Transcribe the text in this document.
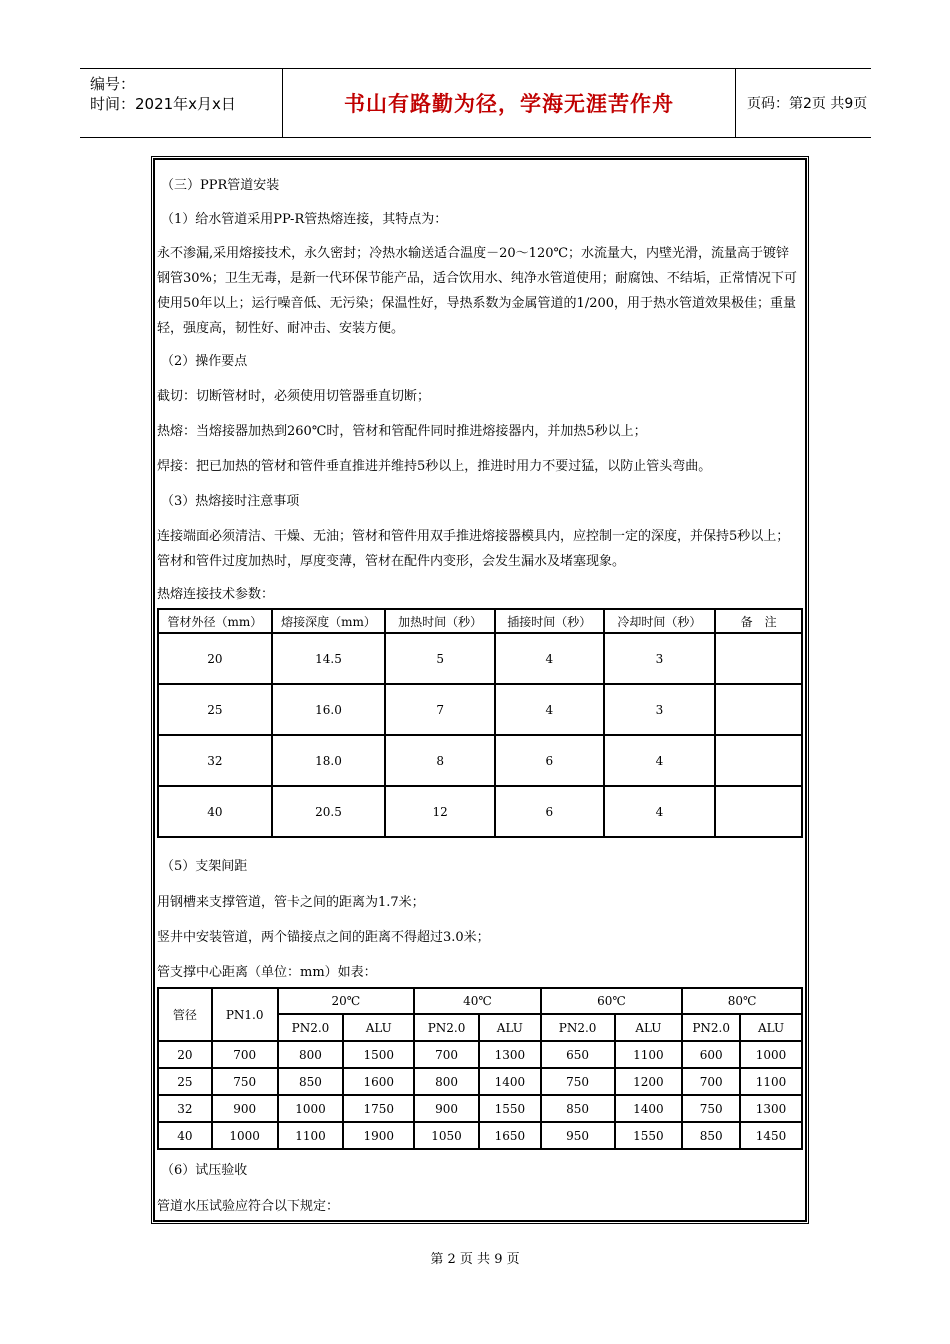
编号：
时间：2021年x月x日	书山有路勤为径，学海无涯苦作舟	页码：第2页 共9页
（三）PPR管道安装
（1）给水管道采用PP-R管热熔连接，其特点为：
永不渗漏,采用熔接技术，永久密封；冷热水输送适合温度－20～120℃；水流量大，内壁光滑，流量高于镀锌钢管30%；卫生无毒，是新一代环保节能产品，适合饮用水、纯净水管道使用；耐腐蚀、不结垢，正常情况下可使用50年以上；运行噪音低、无污染；保温性好，导热系数为金属管道的1/200，用于热水管道效果极佳；重量轻，强度高，韧性好、耐冲击、安装方便。
（2）操作要点
截切：切断管材时，必须使用切管器垂直切断；
热熔：当熔接器加热到260℃时，管材和管配件同时推进熔接器内，并加热5秒以上；
焊接：把已加热的管材和管件垂直推进并维持5秒以上，推进时用力不要过猛，以防止管头弯曲。
（3）热熔接时注意事项
连接端面必须清洁、干燥、无油；管材和管件用双手推进熔接器模具内，应控制一定的深度，并保持5秒以上；管材和管件过度加热时，厚度变薄，管材在配件内变形，会发生漏水及堵塞现象。
热熔连接技术参数：
管材外径（mm）	熔接深度（mm）	加热时间（秒）	插接时间（秒）	冷却时间（秒）	备　注
20	14.5	5	4	3	
25	16.0	7	4	3	
32	18.0	8	6	4	
40	20.5	12	6	4	
（5）支架间距
用钢槽来支撑管道，管卡之间的距离为1.7米；
竖井中安装管道，两个锚接点之间的距离不得超过3.0米；
管支撑中心距离（单位：mm）如表：
管径	PN1.0	20℃		40℃		60℃		80℃	
		PN2.0	ALU	PN2.0	ALU	PN2.0	ALU	PN2.0	ALU
20	700	800	1500	700	1300	650	1100	600	1000
25	750	850	1600	800	1400	750	1200	700	1100
32	900	1000	1750	900	1550	850	1400	750	1300
40	1000	1100	1900	1050	1650	950	1550	850	1450
（6）试压验收
管道水压试验应符合以下规定：
第 2 页 共 9 页
